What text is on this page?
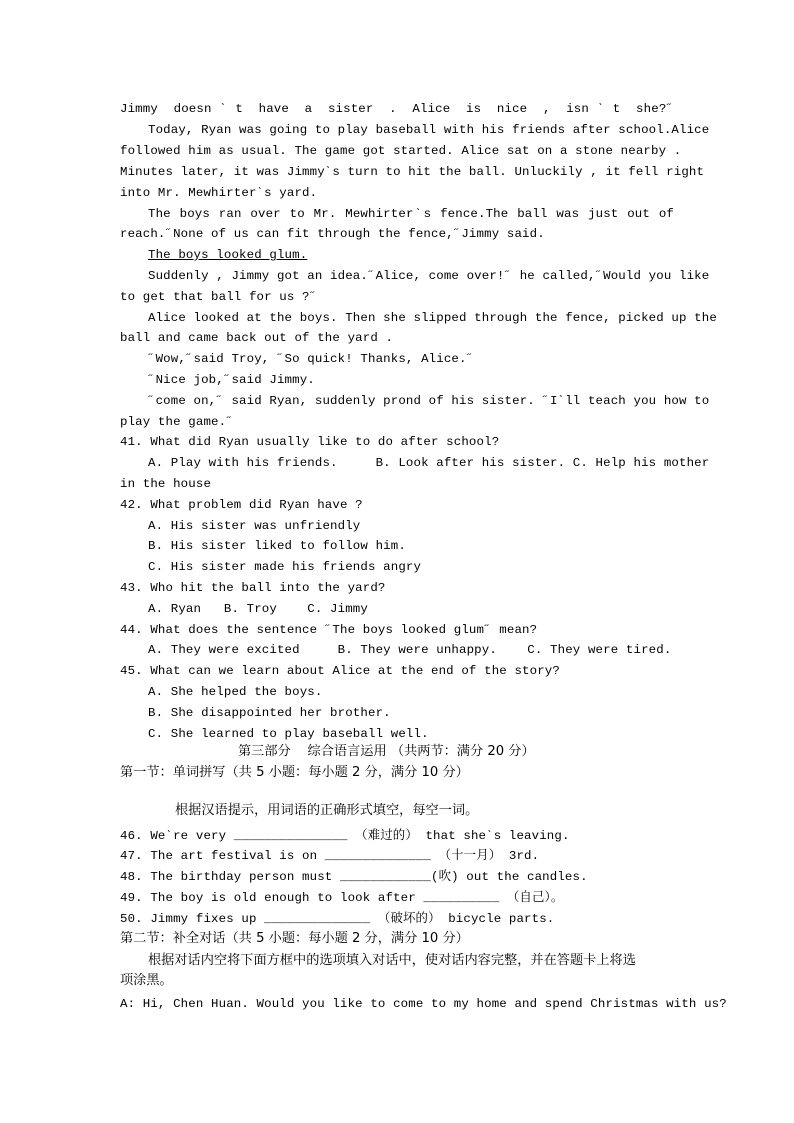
Jimmy doesnˋt have a sister . Alice is nice , isnˋt she?˝
Today, Ryan was going to play baseball with his friends after school.Alice
followed him as usual. The game got started. Alice sat on a stone nearby .
Minutes later, it was Jimmyˋs turn to hit the ball. Unluckily , it fell right
into Mr. Mewhirterˋs yard.
The boys ran over to Mr. Mewhirterˋs fence.The ball was just out of
reach.˝None of us can fit through the fence,˝Jimmy said.
The boys looked glum.
Suddenly , Jimmy got an idea.˝Alice, come over!˝ he called,˝Would you like
to get that ball for us ?˝
Alice looked at the boys. Then she slipped through the fence, picked up the
ball and came back out of the yard .
˝Wow,˝said Troy, ˝So quick! Thanks, Alice.˝
˝Nice job,˝said Jimmy.
˝come on,˝ said Ryan, suddenly prond of his sister. ˝Iˋll teach you how to
play the game.˝
41. What did Ryan usually like to do after school?
A. Play with his friends.     B. Look after his sister. C. Help his mother
in the house
42. What problem did Ryan have ?
A. His sister was unfriendly
B. His sister liked to follow him.
C. His sister made his friends angry
43. Who hit the ball into the yard?
A. Ryan   B. Troy    C. Jimmy
44. What does the sentence ˝The boys looked glum˝ mean?
A. They were excited     B. They were unhappy.    C. They were tired.
45. What can we learn about Alice at the end of the story?
A. She helped the boys.
B. She disappointed her brother.
C. She learned to play baseball well.
第三部分    综合语言运用 （共两节：满分 20 分）
第一节：单词拼写（共 5 小题：每小题 2 分，满分 10 分）
根据汉语提示，用词语的正确形式填空，每空一词。
46. Weˋre very _______________ （难过的） that sheˋs leaving.
47. The art festival is on ______________ （十一月） 3rd.
48. The birthday person must ____________(吹) out the candles.
49. The boy is old enough to look after __________ （自己）。
50. Jimmy fixes up ______________ （破坏的） bicycle parts.
第二节：补全对话（共 5 小题：每小题 2 分，满分 10 分）
根据对话内空将下面方框中的选项填入对话中，使对话内容完整，并在答题卡上将选
项涂黑。
A: Hi, Chen Huan. Would you like to come to my home and spend Christmas with us?
